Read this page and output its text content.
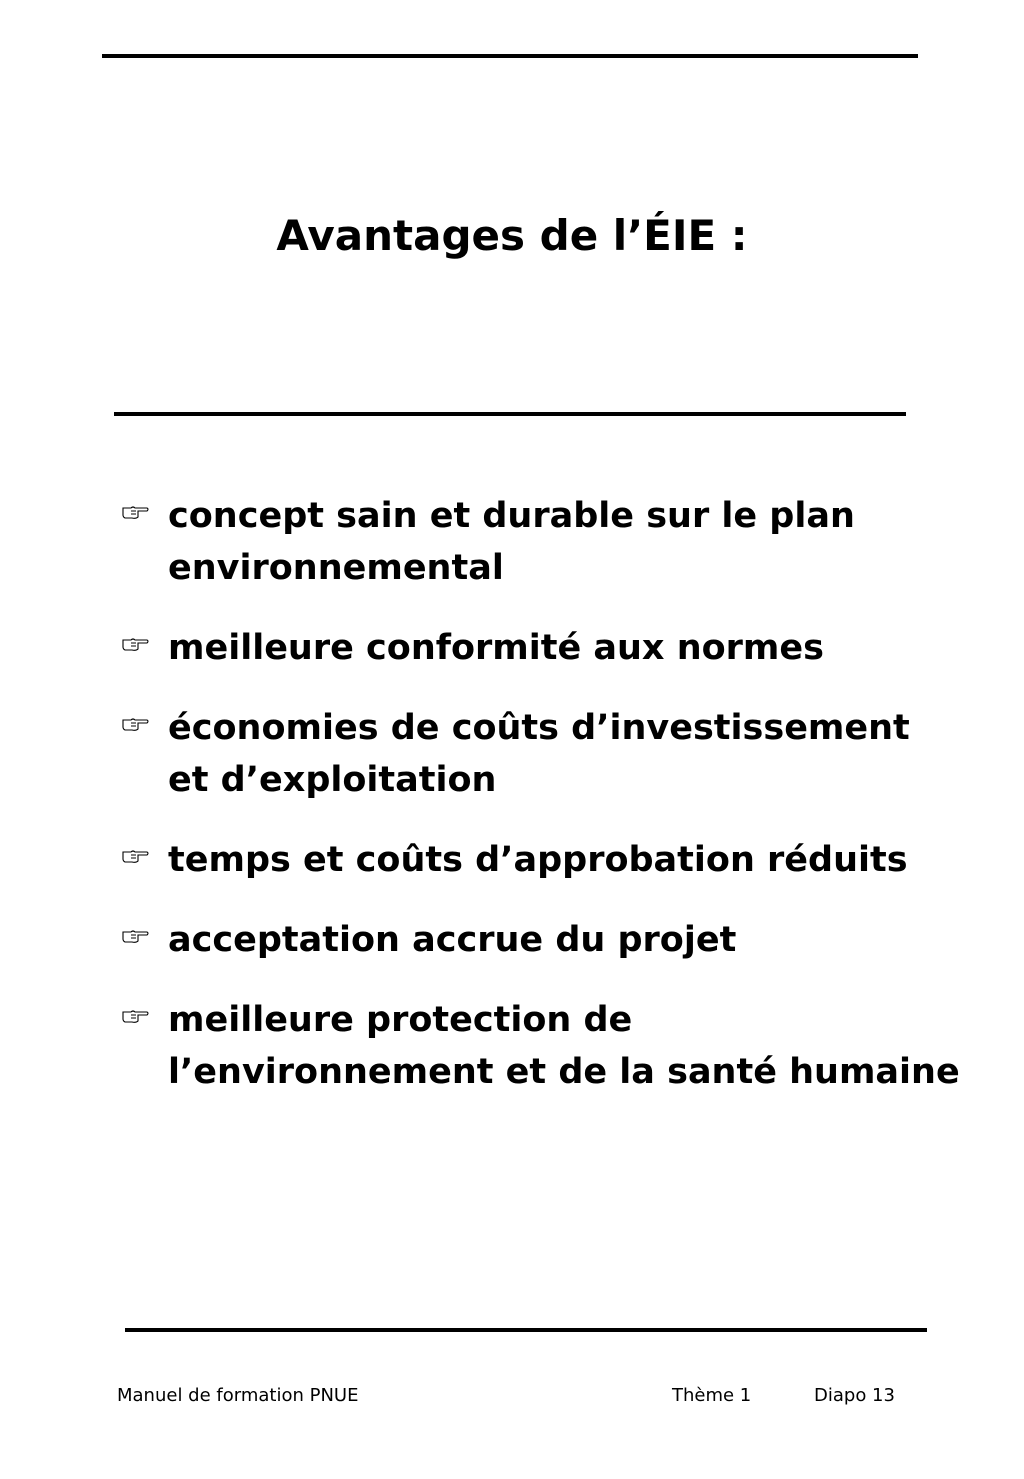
Avantages de l’ÉIE :
concept sain et durable sur le plan
environnemental
meilleure conformité aux normes
économies de coûts d’investissement
et d’exploitation
temps et coûts d’approbation réduits
acceptation accrue du projet
meilleure protection de
l’environnement et de la santé humaine
Manuel de formation PNUE	Thème 1	Diapo 13
